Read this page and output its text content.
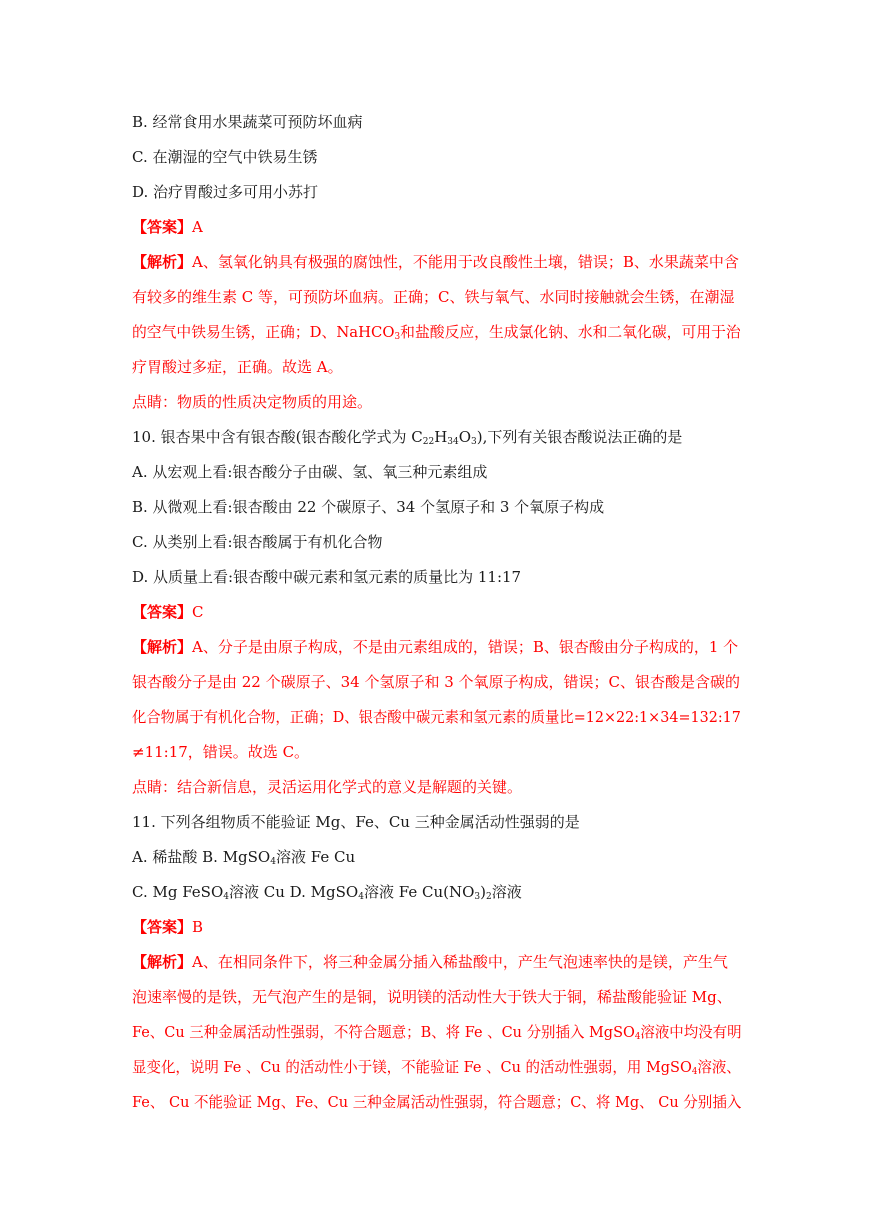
B. 经常食用水果蔬菜可预防坏血病
C. 在潮湿的空气中铁易生锈
D. 治疗胃酸过多可用小苏打
【答案】A
【解析】A、氢氧化钠具有极强的腐蚀性，不能用于改良酸性土壤，错误；B、水果蔬菜中含
有较多的维生素 C 等，可预防坏血病。正确；C、铁与氧气、水同时接触就会生锈，在潮湿
的空气中铁易生锈，正确；D、NaHCO$_3$和盐酸反应，生成氯化钠、水和二氧化碳，可用于治
疗胃酸过多症，正确。故选 A。
点睛：物质的性质决定物质的用途。
10. 银杏果中含有银杏酸(银杏酸化学式为 $C_{22}H_{34}O_3$),下列有关银杏酸说法正确的是
A. 从宏观上看:银杏酸分子由碳、氢、氧三种元素组成
B. 从微观上看:银杏酸由 22 个碳原子、34 个氢原子和 3 个氧原子构成
C. 从类别上看:银杏酸属于有机化合物
D. 从质量上看:银杏酸中碳元素和氢元素的质量比为 11:17
【答案】C
【解析】A、分子是由原子构成，不是由元素组成的，错误；B、银杏酸由分子构成的，1 个
银杏酸分子是由 22 个碳原子、34 个氢原子和 3 个氧原子构成，错误；C、银杏酸是含碳的
化合物属于有机化合物，正确；D、银杏酸中碳元素和氢元素的质量比=12×22:1×34=132:17
≠11:17，错误。故选 C。
点睛：结合新信息，灵活运用化学式的意义是解题的关键。
11. 下列各组物质不能验证 Mg、Fe、Cu 三种金属活动性强弱的是
A. 稀盐酸 B. MgSO$_4$溶液 Fe Cu
C. Mg FeSO$_4$溶液 Cu D. MgSO$_4$溶液 Fe $Cu(NO_3)_2$溶液
【答案】B
【解析】A、在相同条件下，将三种金属分插入稀盐酸中，产生气泡速率快的是镁，产生气
泡速率慢的是铁，无气泡产生的是铜，说明镁的活动性大于铁大于铜，稀盐酸能验证 Mg、
Fe、Cu 三种金属活动性强弱，不符合题意；B、将 Fe 、Cu 分别插入 MgSO$_4$溶液中均没有明
显变化，说明 Fe 、Cu 的活动性小于镁，不能验证 Fe 、Cu 的活动性强弱，用 MgSO$_4$溶液、
Fe、 Cu 不能验证 Mg、Fe、Cu 三种金属活动性强弱，符合题意；C、将 Mg、 Cu 分别插入
